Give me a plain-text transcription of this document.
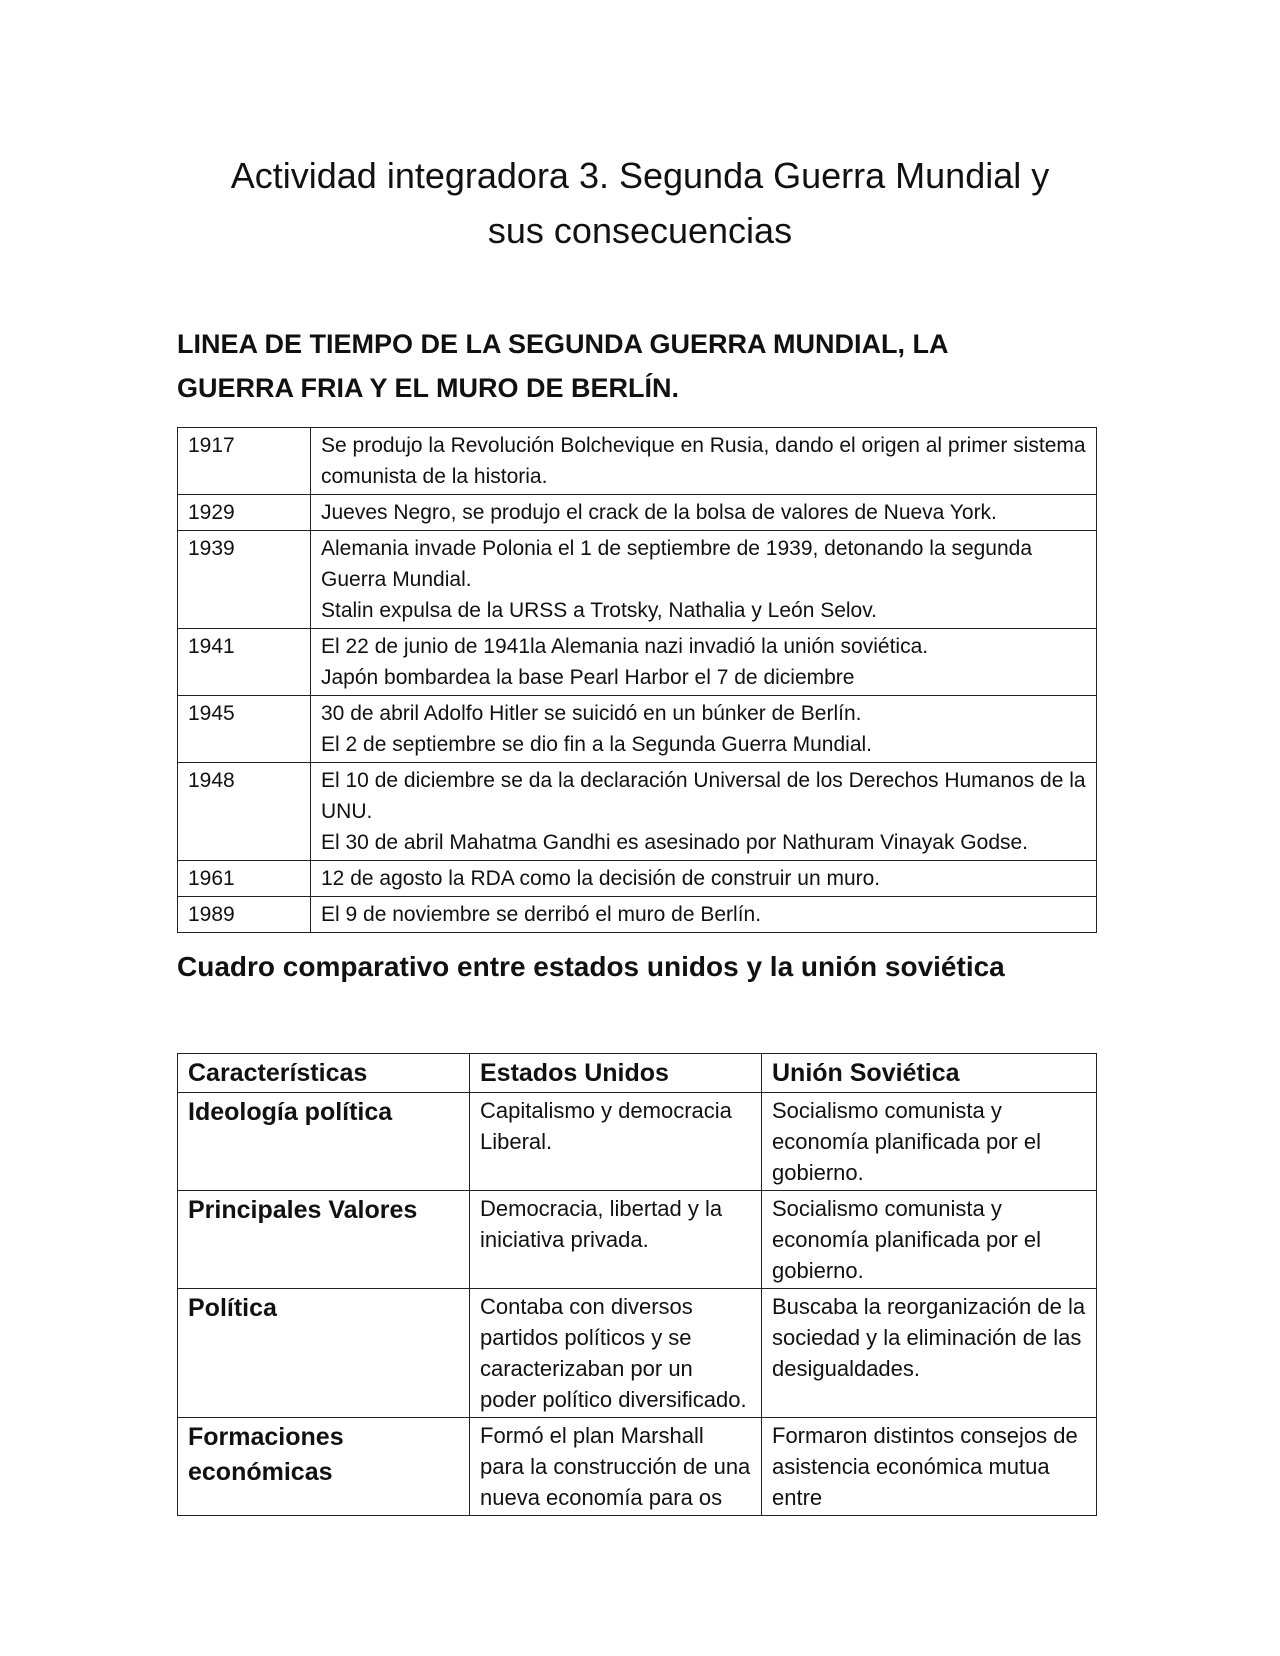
Actividad integradora 3. Segunda Guerra Mundial y
sus consecuencias
LINEA DE TIEMPO DE LA SEGUNDA GUERRA MUNDIAL, LA
GUERRA FRIA Y EL MURO DE BERLÍN.
1917	Se produjo la Revolución Bolchevique en Rusia, dando el origen al primer sistema comunista de la historia.

1929	Jueves Negro, se produjo el crack de la bolsa de valores de Nueva York.

1939	Alemania invade Polonia el 1 de septiembre de 1939, detonando la segunda Guerra Mundial.
Stalin expulsa de la URSS a Trotsky, Nathalia y León Selov.

1941	El 22 de junio de 1941la Alemania nazi invadió la unión soviética.
Japón bombardea la base Pearl Harbor el 7 de diciembre

1945	30 de abril Adolfo Hitler se suicidó en un búnker de Berlín.
El 2 de septiembre se dio fin a la Segunda Guerra Mundial.

1948	El 10 de diciembre se da la declaración Universal de los Derechos Humanos de la UNU.
El 30 de abril Mahatma Gandhi es asesinado por Nathuram Vinayak Godse.

1961	12 de agosto la RDA como la decisión de construir un muro.

1989	El 9 de noviembre se derribó el muro de Berlín.
Cuadro comparativo entre estados unidos y la unión soviética
Características	Estados Unidos	Unión Soviética
Ideología política	Capitalismo y democracia Liberal.	Socialismo comunista y economía planificada por el gobierno.
Principales Valores	Democracia, libertad y la iniciativa privada.	Socialismo comunista y economía planificada por el gobierno.
Política	Contaba con diversos partidos políticos y se caracterizaban por un poder político diversificado.	Buscaba la reorganización de la sociedad y la eliminación de las desigualdades.
Formaciones económicas	Formó el plan Marshall para la construcción de una nueva economía para os	Formaron distintos consejos de asistencia económica mutua entre
